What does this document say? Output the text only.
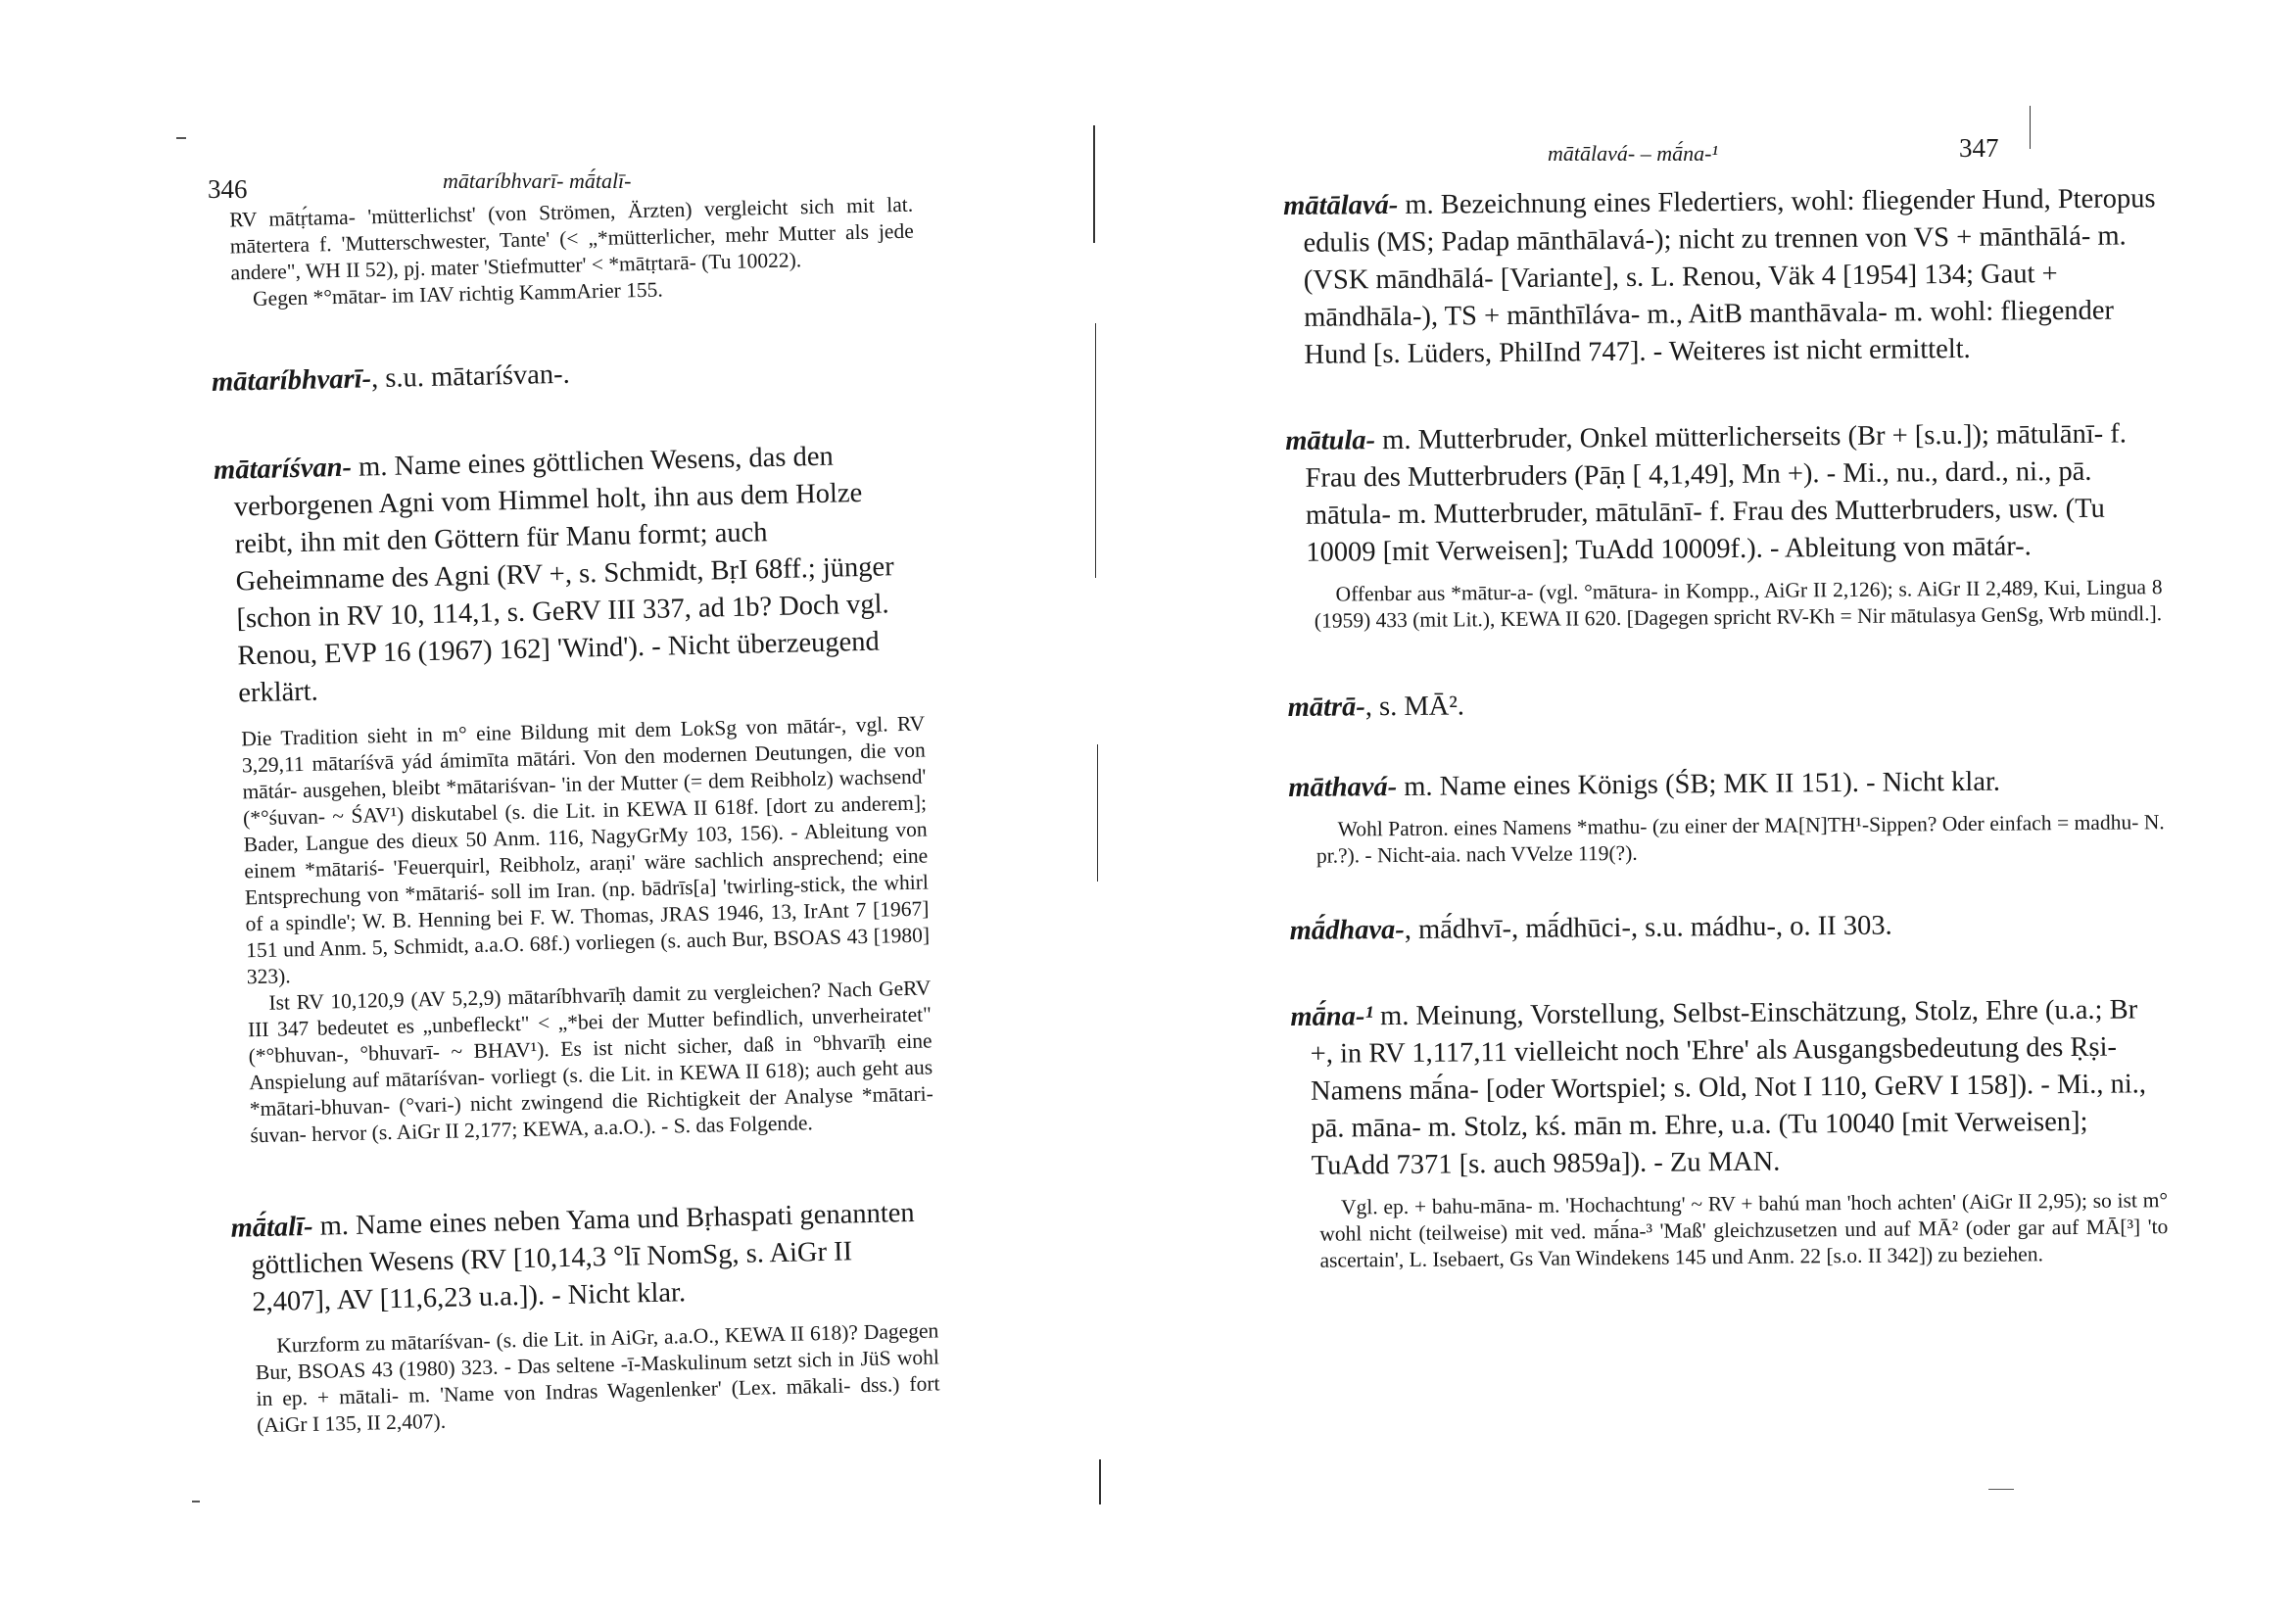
346	mātaríbhvarī- mā́talī-

RV mātṛ́tama- 'mütterlichst' (von Strömen, Ärzten) vergleicht sich mit lat. mātertera f. 'Mutterschwester, Tante' (< „*mütterlicher, mehr Mutter als jede andere", WH II 52), pj. mater 'Stiefmutter' < *mātṛtarā- (Tu 10022).

Gegen *°mātar- im IAV richtig KammArier 155.

mātaríbhvarī-, s.u. mātaríśvan-.
mātaríśvan- m. Name eines göttlichen Wesens, das den verborgenen Agni vom Himmel holt, ihn aus dem Holze reibt, ihn mit den Göttern für Manu formt; auch Geheimname des Agni (RV +, s. Schmidt, BṛI 68ff.; jünger [schon in RV 10, 114,1, s. GeRV III 337, ad 1b? Doch vgl. Renou, EVP 16 (1967) 162] 'Wind'). - Nicht überzeugend erklärt.

Die Tradition sieht in m° eine Bildung mit dem LokSg von mātár-, vgl. RV 3,29,11 mātaríśvā yád ámimīta mātári. Von den modernen Deutungen, die von mātár- ausgehen, bleibt *mātariśvan- 'in der Mutter (= dem Reibholz) wachsend' (*°śuvan- ~ ŚAV¹) diskutabel (s. die Lit. in KEWA II 618f. [dort zu anderem]; Bader, Langue des dieux 50 Anm. 116, NagyGrMy 103, 156). - Ableitung von einem *mātariś- 'Feuerquirl, Reibholz, araṇi' wäre sachlich ansprechend; eine Entsprechung von *mātariś- soll im Iran. (np. bādrīs[a] 'twirling-stick, the whirl of a spindle'; W. B. Henning bei F. W. Thomas, JRAS 1946, 13, IrAnt 7 [1967] 151 und Anm. 5, Schmidt, a.a.O. 68f.) vorliegen (s. auch Bur, BSOAS 43 [1980] 323).

Ist RV 10,120,9 (AV 5,2,9) mātaríbhvarīḥ damit zu vergleichen? Nach GeRV III 347 bedeutet es „unbefleckt" < „*bei der Mutter befindlich, unverheiratet" (*°bhuvan-, °bhuvarī- ~ BHAV¹). Es ist nicht sicher, daß in °bhvarīḥ eine Anspielung auf mātaríśvan- vorliegt (s. die Lit. in KEWA II 618); auch geht aus *mātari-bhuvan- (°vari-) nicht zwingend die Richtigkeit der Analyse *mātari-śuvan- hervor (s. AiGr II 2,177; KEWA, a.a.O.). - S. das Folgende.

mā́talī- m. Name eines neben Yama und Bṛhaspati genannten göttlichen Wesens (RV [10,14,3 °lī NomSg, s. AiGr II 2,407], AV [11,6,23 u.a.]). - Nicht klar.

Kurzform zu mātaríśvan- (s. die Lit. in AiGr, a.a.O., KEWA II 618)? Dagegen Bur, BSOAS 43 (1980) 323. - Das seltene -ī-Maskulinum setzt sich in JüS wohl in ep. + mātali- m. 'Name von Indras Wagenlenker' (Lex. mākali- dss.) fort (AiGr I 135, II 2,407).

mātālavá- – mā́na-¹	347
mātālavá- m. Bezeichnung eines Fledertiers, wohl: fliegender Hund, Pteropus edulis (MS; Padap mānthālavá-); nicht zu trennen von VS + mānthālá- m. (VSK māndhālá- [Variante], s. L. Renou, Väk 4 [1954] 134; Gaut + māndhāla-), TS + mānthīláva- m., AitB manthāvala- m. wohl: fliegender Hund [s. Lüders, PhilInd 747]. - Weiteres ist nicht ermittelt.
mātula- m. Mutterbruder, Onkel mütterlicherseits (Br + [s.u.]); mātulānī- f. Frau des Mutterbruders (Pāṇ [ 4,1,49], Mn +). - Mi., nu., dard., ni., pā. mātula- m. Mutterbruder, mātulānī- f. Frau des Mutterbruders, usw. (Tu 10009 [mit Verweisen]; TuAdd 10009f.). - Ableitung von mātár-.

Offenbar aus *mātur-a- (vgl. °mātura- in Kompp., AiGr II 2,126); s. AiGr II 2,489, Kui, Lingua 8 (1959) 433 (mit Lit.), KEWA II 620. [Dagegen spricht RV-Kh = Nir mātulasya GenSg, Wrb mündl.].

mātrā-, s. MĀ².
māthavá- m. Name eines Königs (ŚB; MK II 151). - Nicht klar.

Wohl Patron. eines Namens *mathu- (zu einer der MA[N]TH¹-Sippen? Oder einfach = madhu- N. pr.?). - Nicht-aia. nach VVelze 119(?).

mā́dhava-, mā́dhvī-, mā́dhūci-, s.u. mádhu-, o. II 303.
mā́na-¹ m. Meinung, Vorstellung, Selbst-Einschätzung, Stolz, Ehre (u.a.; Br +, in RV 1,117,11 vielleicht noch 'Ehre' als Ausgangsbedeutung des Ṛṣi-Namens mā́na- [oder Wortspiel; s. Old, Not I 110, GeRV I 158]). - Mi., ni., pā. māna- m. Stolz, kś. mān m. Ehre, u.a. (Tu 10040 [mit Verweisen]; TuAdd 7371 [s. auch 9859a]). - Zu MAN.

Vgl. ep. + bahu-māna- m. 'Hochachtung' ~ RV + bahú man 'hoch achten' (AiGr II 2,95); so ist m° wohl nicht (teilweise) mit ved. mā́na-³ 'Maß' gleichzusetzen und auf MĀ² (oder gar auf MĀ[³] 'to ascertain', L. Isebaert, Gs Van Windekens 145 und Anm. 22 [s.o. II 342]) zu beziehen.
